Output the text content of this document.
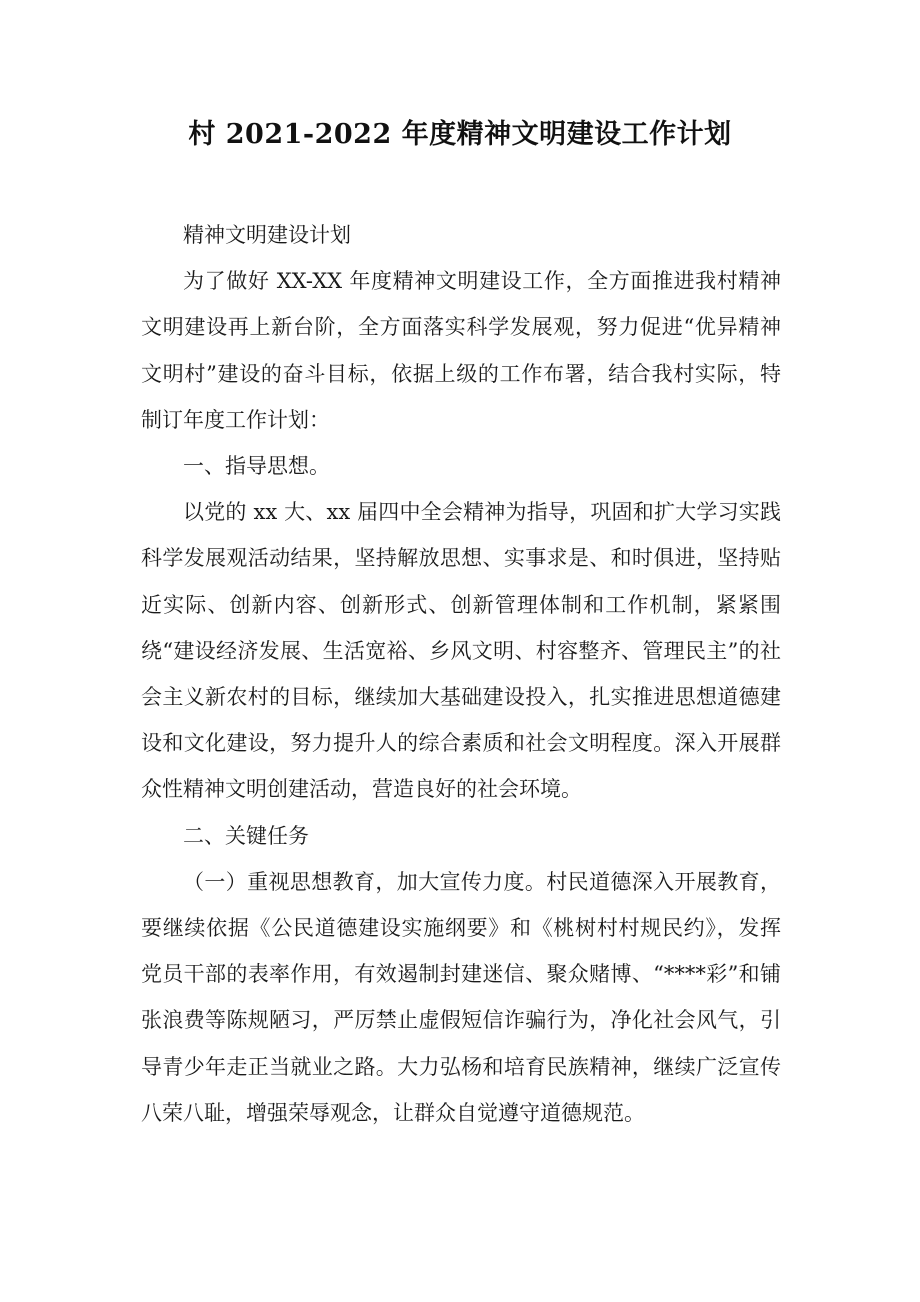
村 2021-2022 年度精神文明建设工作计划

精神文明建设计划

为了做好 XX-XX 年度精神文明建设工作，全方面推进我村精神文明建设再上新台阶，全方面落实科学发展观，努力促进“优异精神文明村”建设的奋斗目标，依据上级的工作布署，结合我村实际，特制订年度工作计划：

一、指导思想。

以党的 xx 大、xx 届四中全会精神为指导，巩固和扩大学习实践科学发展观活动结果，坚持解放思想、实事求是、和时俱进，坚持贴近实际、创新内容、创新形式、创新管理体制和工作机制，紧紧围绕“建设经济发展、生活宽裕、乡风文明、村容整齐、管理民主”的社会主义新农村的目标，继续加大基础建设投入，扎实推进思想道德建设和文化建设，努力提升人的综合素质和社会文明程度。深入开展群众性精神文明创建活动，营造良好的社会环境。

二、关键任务

（一）重视思想教育，加大宣传力度。村民道德深入开展教育，要继续依据《公民道德建设实施纲要》和《桃树村村规民约》，发挥党员干部的表率作用，有效遏制封建迷信、聚众赌博、“****彩”和铺张浪费等陈规陋习，严厉禁止虚假短信诈骗行为，净化社会风气，引导青少年走正当就业之路。大力弘杨和培育民族精神，继续广泛宣传八荣八耻，增强荣辱观念，让群众自觉遵守道德规范。
